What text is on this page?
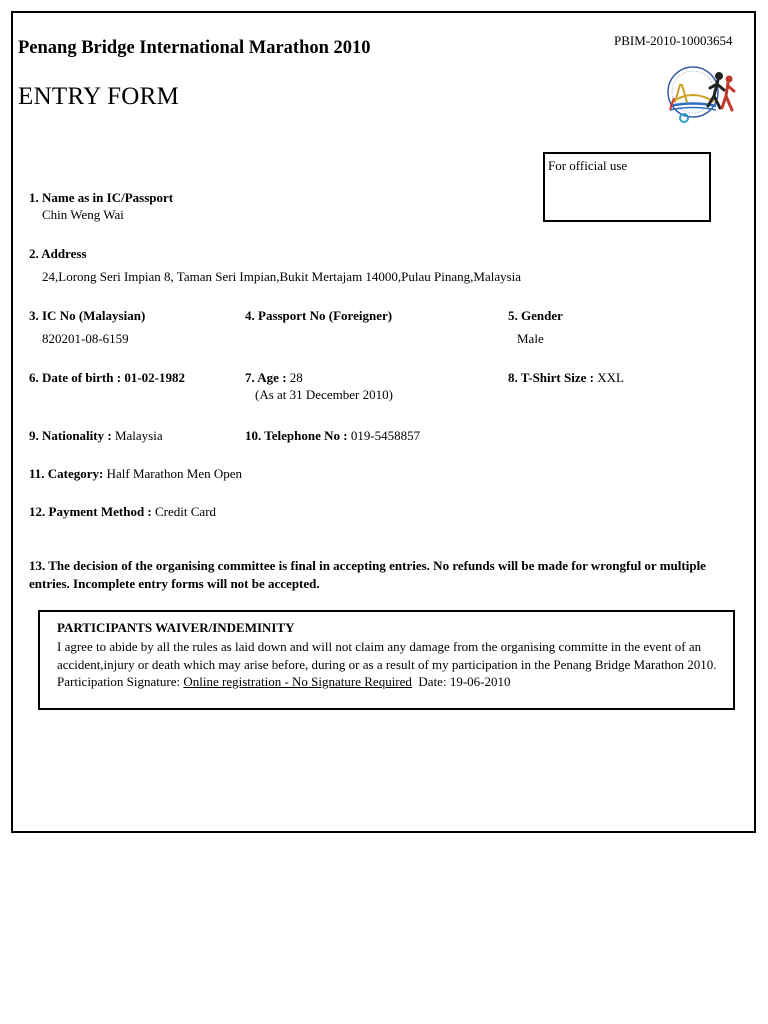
Penang Bridge International Marathon 2010
ENTRY FORM
PBIM-2010-10003654
For official use
1. Name as in IC/Passport
Chin Weng Wai
2. Address
24,Lorong Seri Impian 8, Taman Seri Impian,Bukit Mertajam 14000,Pulau Pinang,Malaysia
3. IC No (Malaysian)
820201-08-6159
4. Passport No (Foreigner)	5. Gender
Male
6. Date of birth : 01-02-1982	7. Age : 28
(As at 31 December 2010)
8. T-Shirt Size : XXL
9. Nationality : Malaysia	10. Telephone No : 019-5458857
11. Category: Half Marathon Men Open
12. Payment Method : Credit Card
13. The decision of the organising committee is final in accepting entries. No refunds will be made for wrongful or multiple entries. Incomplete entry forms will not be accepted.
PARTICIPANTS WAIVER/INDEMINITY
I agree to abide by all the rules as laid down and will not claim any damage from the organising committe in the event of an accident,injury or death which may arise before, during or as a result of my participation in the Penang Bridge Marathon 2010.
Participation Signature: Online registration - No Signature Required Date: 19-06-2010
